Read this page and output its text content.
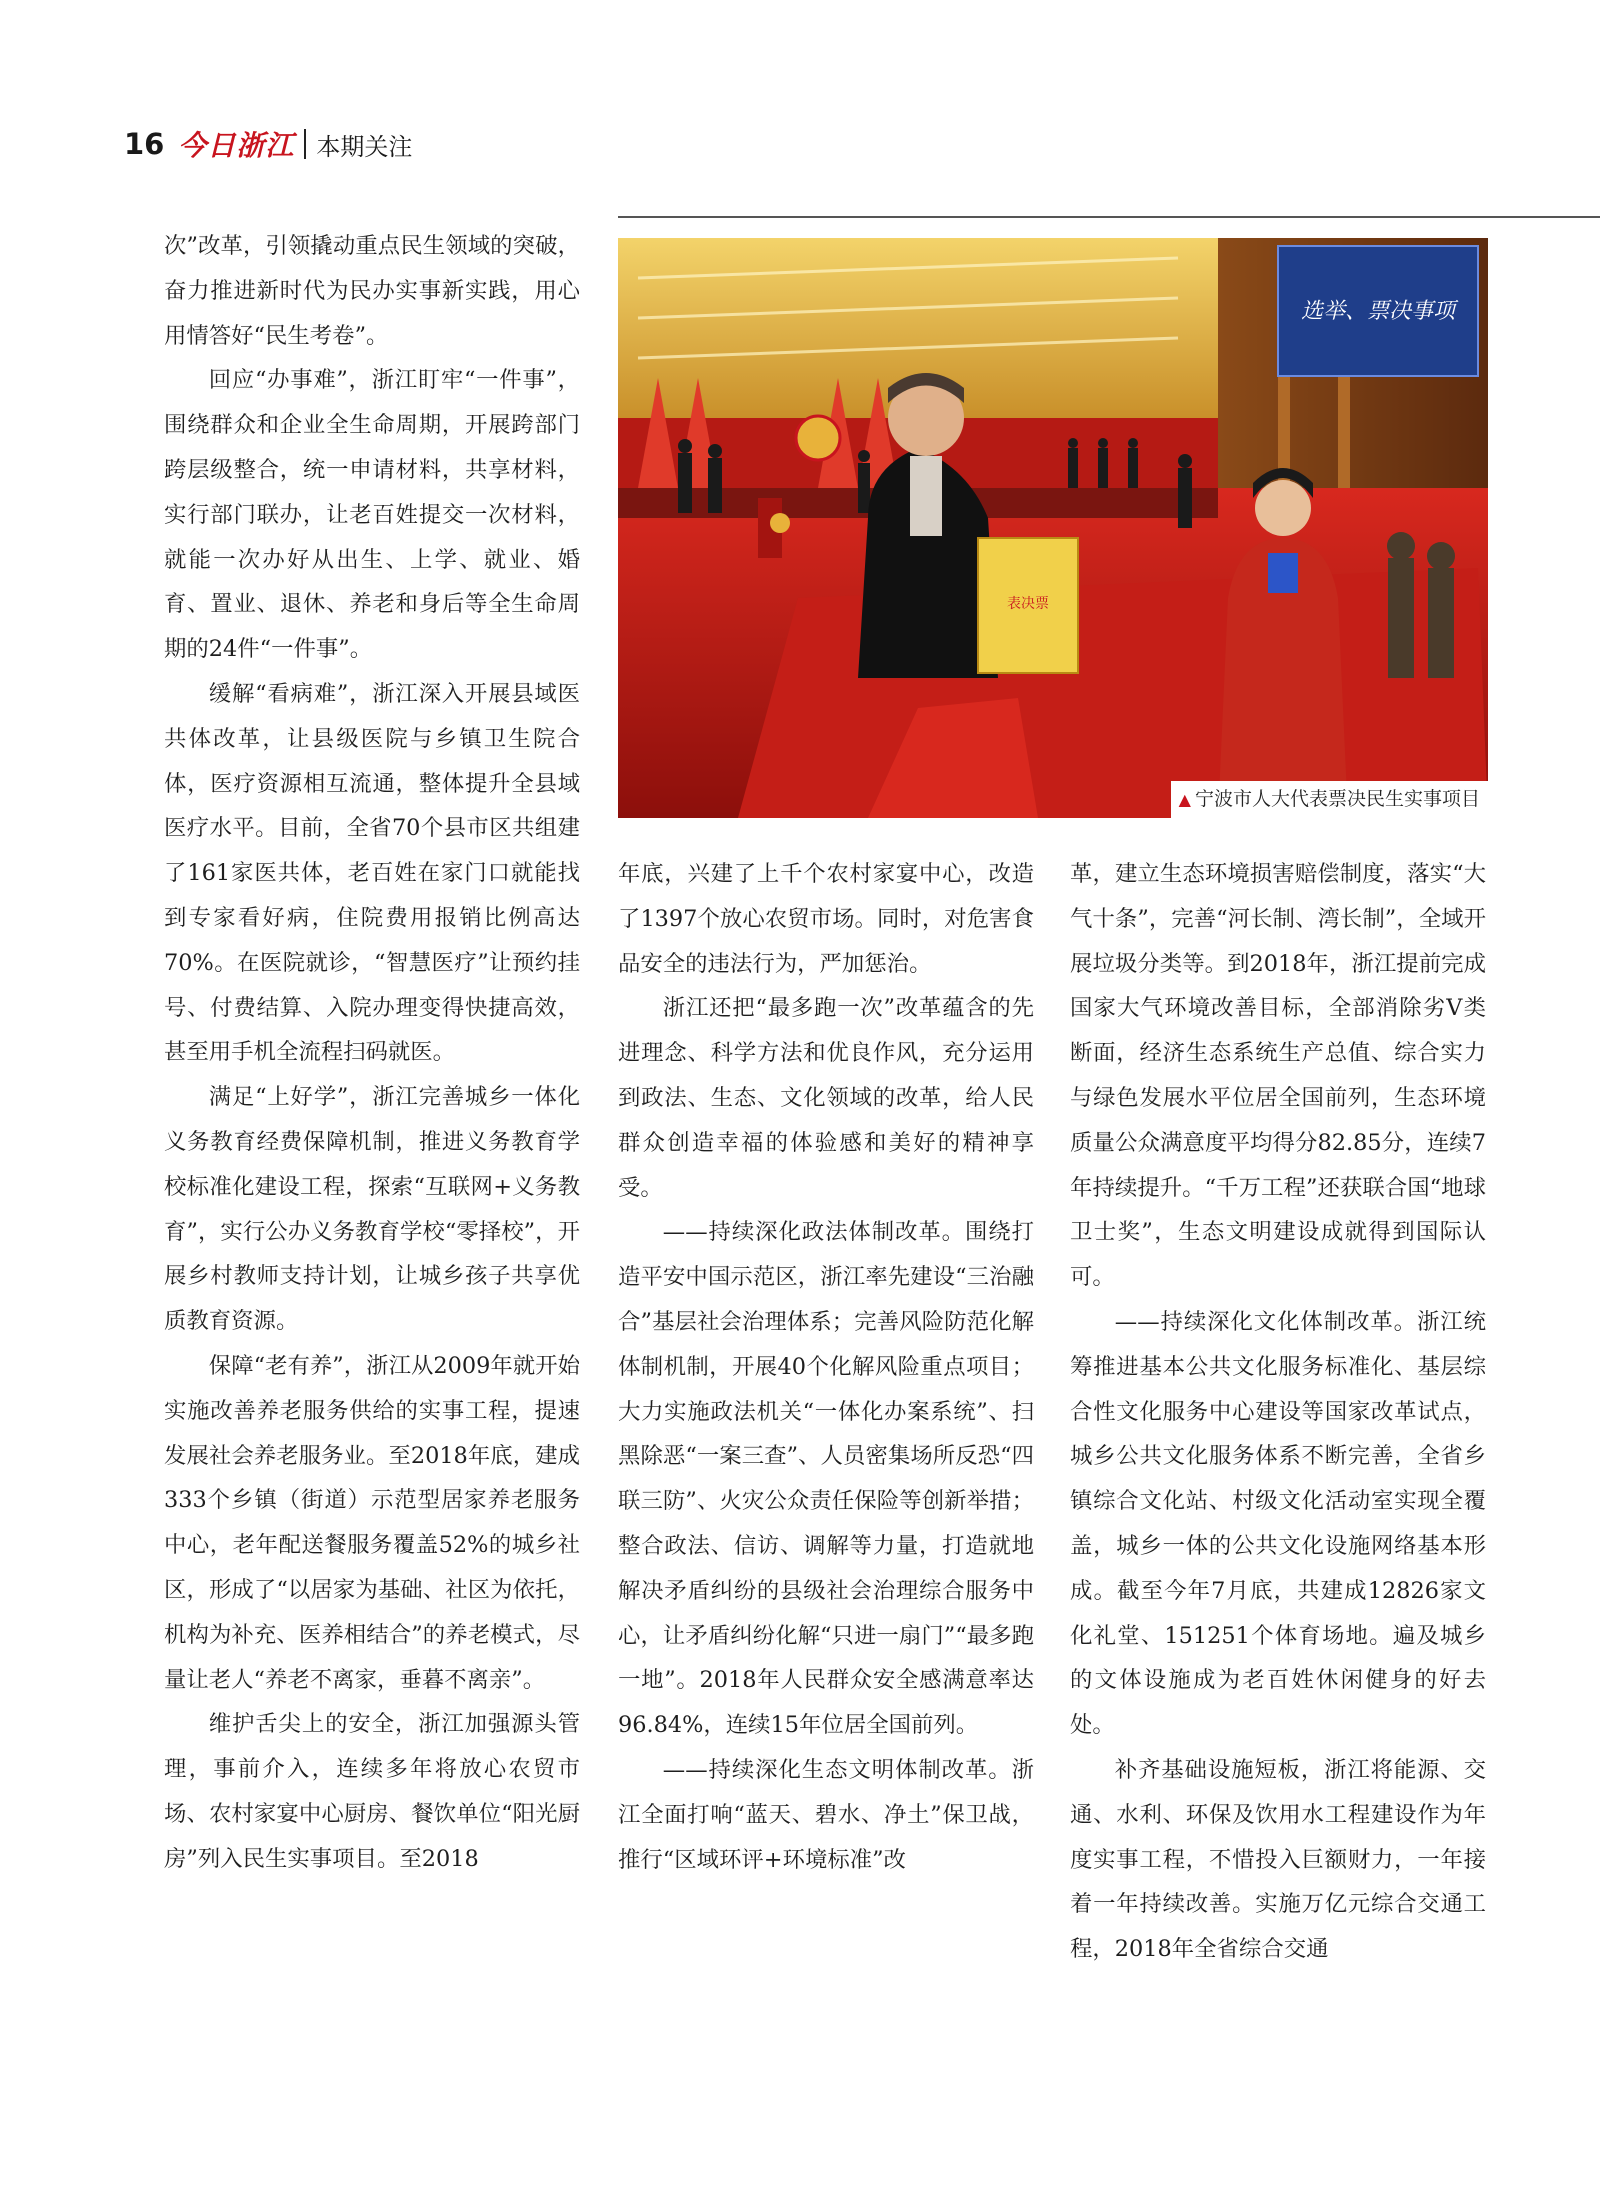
16 今日浙江 本期关注

次”改革，引领撬动重点民生领域的突破，奋力推进新时代为民办实事新实践，用心用情答好“民生考卷”。

回应“办事难”，浙江盯牢“一件事”，围绕群众和企业全生命周期，开展跨部门跨层级整合，统一申请材料，共享材料，实行部门联办，让老百姓提交一次材料，就能一次办好从出生、上学、就业、婚育、置业、退休、养老和身后等全生命周期的24件“一件事”。

缓解“看病难”，浙江深入开展县域医共体改革，让县级医院与乡镇卫生院合体，医疗资源相互流通，整体提升全县域医疗水平。目前，全省70个县市区共组建了161家医共体，老百姓在家门口就能找到专家看好病，住院费用报销比例高达70%。在医院就诊，“智慧医疗”让预约挂号、付费结算、入院办理变得快捷高效，甚至用手机全流程扫码就医。

满足“上好学”，浙江完善城乡一体化义务教育经费保障机制，推进义务教育学校标准化建设工程，探索“互联网+义务教育”，实行公办义务教育学校“零择校”，开展乡村教师支持计划，让城乡孩子共享优质教育资源。

保障“老有养”，浙江从2009年就开始实施改善养老服务供给的实事工程，提速发展社会养老服务业。至2018年底，建成333个乡镇（街道）示范型居家养老服务中心，老年配送餐服务覆盖52%的城乡社区，形成了“以居家为基础、社区为依托，机构为补充、医养相结合”的养老模式，尽量让老人“养老不离家，垂暮不离亲”。

维护舌尖上的安全，浙江加强源头管理，事前介入，连续多年将放心农贸市场、农村家宴中心厨房、餐饮单位“阳光厨房”列入民生实事项目。至2018

选举、票决事项
表决票
▲ 宁波市人大代表票决民生实事项目

年底，兴建了上千个农村家宴中心，改造了1397个放心农贸市场。同时，对危害食品安全的违法行为，严加惩治。

浙江还把“最多跑一次”改革蕴含的先进理念、科学方法和优良作风，充分运用到政法、生态、文化领域的改革，给人民群众创造幸福的体验感和美好的精神享受。

——持续深化政法体制改革。围绕打造平安中国示范区，浙江率先建设“三治融合”基层社会治理体系；完善风险防范化解体制机制，开展40个化解风险重点项目；大力实施政法机关“一体化办案系统”、扫黑除恶“一案三查”、人员密集场所反恐“四联三防”、火灾公众责任保险等创新举措；整合政法、信访、调解等力量，打造就地解决矛盾纠纷的县级社会治理综合服务中心，让矛盾纠纷化解“只进一扇门”“最多跑一地”。2018年人民群众安全感满意率达96.84%，连续15年位居全国前列。

——持续深化生态文明体制改革。浙江全面打响“蓝天、碧水、净土”保卫战，推行“区域环评+环境标准”改

革，建立生态环境损害赔偿制度，落实“大气十条”，完善“河长制、湾长制”，全域开展垃圾分类等。到2018年，浙江提前完成国家大气环境改善目标，全部消除劣Ⅴ类断面，经济生态系统生产总值、综合实力与绿色发展水平位居全国前列，生态环境质量公众满意度平均得分82.85分，连续7年持续提升。“千万工程”还获联合国“地球卫士奖”，生态文明建设成就得到国际认可。

——持续深化文化体制改革。浙江统筹推进基本公共文化服务标准化、基层综合性文化服务中心建设等国家改革试点，城乡公共文化服务体系不断完善，全省乡镇综合文化站、村级文化活动室实现全覆盖，城乡一体的公共文化设施网络基本形成。截至今年7月底，共建成12826家文化礼堂、151251个体育场地。遍及城乡的文体设施成为老百姓休闲健身的好去处。

补齐基础设施短板，浙江将能源、交通、水利、环保及饮用水工程建设作为年度实事工程，不惜投入巨额财力，一年接着一年持续改善。实施万亿元综合交通工程，2018年全省综合交通
